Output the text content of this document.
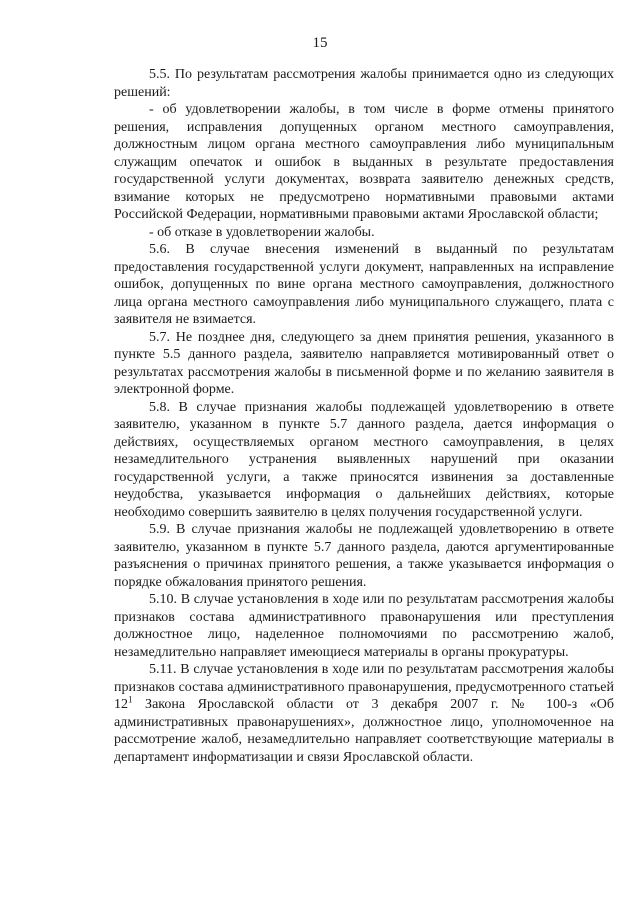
15

5.5. По результатам рассмотрения жалобы принимается одно из следующих решений:

- об удовлетворении жалобы, в том числе в форме отмены принятого решения, исправления допущенных органом местного самоуправления, должностным лицом органа местного самоуправления либо муниципальным служащим опечаток и ошибок в выданных в результате предоставления государственной услуги документах, возврата заявителю денежных средств, взимание которых не предусмотрено нормативными правовыми актами Российской Федерации, нормативными правовыми актами Ярославской области;

- об отказе в удовлетворении жалобы.

5.6. В случае внесения изменений в выданный по результатам предоставления государственной услуги документ, направленных на исправление ошибок, допущенных по вине органа местного самоуправления, должностного лица органа местного самоуправления либо муниципального служащего, плата с заявителя не взимается.

5.7. Не позднее дня, следующего за днем принятия решения, указанного в пункте 5.5 данного раздела, заявителю направляется мотивированный ответ о результатах рассмотрения жалобы в письменной форме и по желанию заявителя в электронной форме.

5.8. В случае признания жалобы подлежащей удовлетворению в ответе заявителю, указанном в пункте 5.7 данного раздела, дается информация о действиях, осуществляемых органом местного самоуправления, в целях незамедлительного устранения выявленных нарушений при оказании государственной услуги, а также приносятся извинения за доставленные неудобства, указывается информация о дальнейших действиях, которые необходимо совершить заявителю в целях получения государственной услуги.

5.9. В случае признания жалобы не подлежащей удовлетворению в ответе заявителю, указанном в пункте 5.7 данного раздела, даются аргументированные разъяснения о причинах принятого решения, а также указывается информация о порядке обжалования принятого решения.

5.10. В случае установления в ходе или по результатам рассмотрения жалобы признаков состава административного правонарушения или преступления должностное лицо, наделенное полномочиями по рассмотрению жалоб, незамедлительно направляет имеющиеся материалы в органы прокуратуры.

5.11. В случае установления в ходе или по результатам рассмотрения жалобы признаков состава административного правонарушения, предусмотренного статьей $12^1$ Закона Ярославской области от 3 декабря 2007 г. № 100-з «Об административных правонарушениях», должностное лицо, уполномоченное на рассмотрение жалоб, незамедлительно направляет соответствующие материалы в департамент информатизации и связи Ярославской области.
